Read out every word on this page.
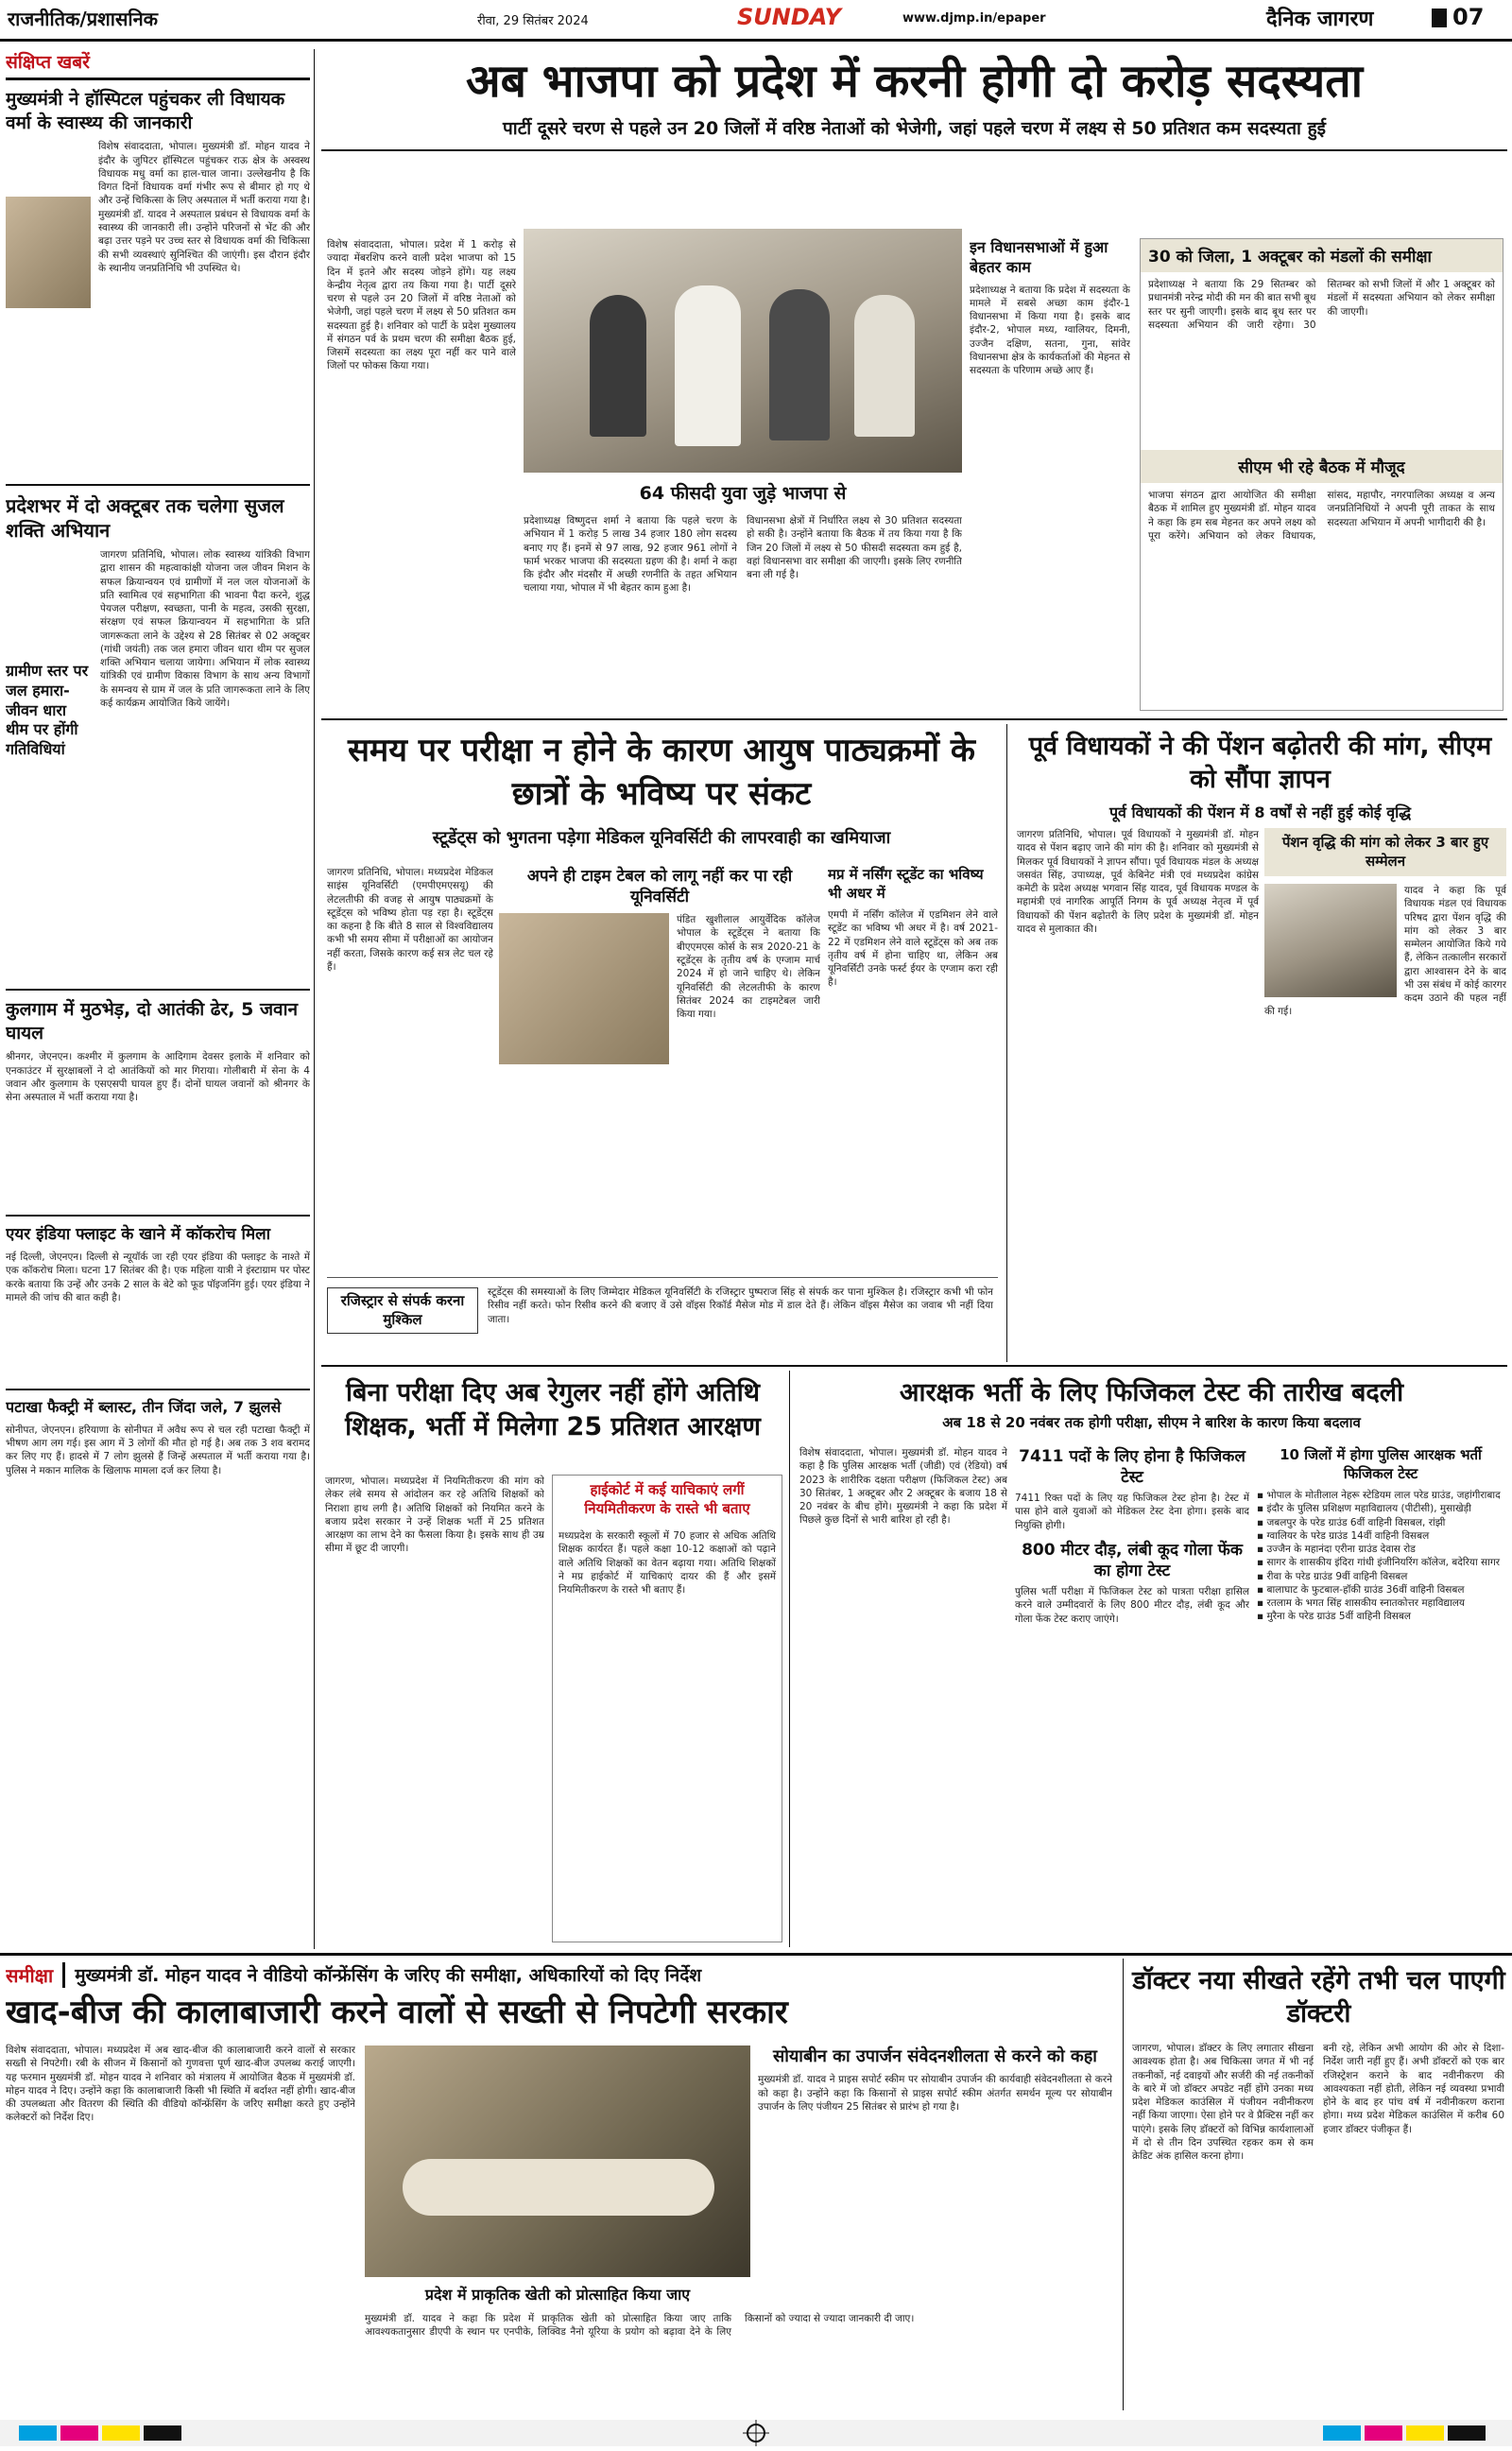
राजनीतिक/प्रशासनिक	रीवा, 29 सितंबर 2024	SUNDAY	www.djmp.in/epaper	दैनिक जागरण	07
संक्षिप्त खबरें
मुख्यमंत्री ने हॉस्पिटल पहुंचकर ली विधायक वर्मा के स्वास्थ्य की जानकारी
विशेष संवाददाता, भोपाल। मुख्यमंत्री डॉ. मोहन यादव ने इंदौर के जुपिटर हॉस्पिटल पहुंचकर राऊ क्षेत्र के अस्वस्थ विधायक मधु वर्मा का हाल-चाल जाना। उल्लेखनीय है कि विगत दिनों विधायक वर्मा गंभीर रूप से बीमार हो गए थे और उन्हें चिकित्सा के लिए अस्पताल में भर्ती कराया गया है। मुख्यमंत्री डॉ. यादव ने अस्पताल प्रबंधन से विधायक वर्मा के स्वास्थ्य की जानकारी ली। उन्होंने परिजनों से भेंट की और बढ़ा उत्तर पड़ने पर उच्च स्तर से विधायक वर्मा की चिकित्सा की सभी व्यवस्थाएं सुनिश्चित की जाएंगी। इस दौरान इंदौर के स्थानीय जनप्रतिनिधि भी उपस्थित थे।
प्रदेशभर में दो अक्टूबर तक चलेगा सुजल शक्ति अभियान
ग्रामीण स्तर पर जल हमारा-जीवन धारा थीम पर होंगी गतिविधियां
जागरण प्रतिनिधि, भोपाल। लोक स्वास्थ्य यांत्रिकी विभाग द्वारा शासन की महत्वाकांक्षी योजना जल जीवन मिशन के सफल क्रियान्वयन एवं ग्रामीणों में नल जल योजनाओं के प्रति स्वामित्व एवं सहभागिता की भावना पैदा करने, शुद्ध पेयजल परीक्षण, स्वच्छता, पानी के महत्व, उसकी सुरक्षा, संरक्षण एवं सफल क्रियान्वयन में सहभागिता के प्रति जागरूकता लाने के उद्देश्य से 28 सितंबर से 02 अक्टूबर (गांधी जयंती) तक जल हमारा जीवन धारा थीम पर सुजल शक्ति अभियान चलाया जायेगा। अभियान में लोक स्वास्थ्य यांत्रिकी एवं ग्रामीण विकास विभाग के साथ अन्य विभागों के समन्वय से ग्राम में जल के प्रति जागरूकता लाने के लिए कई कार्यक्रम आयोजित किये जायेंगे।
कुलगाम में मुठभेड़, दो आतंकी ढेर, 5 जवान घायल
श्रीनगर, जेएनएन। कश्मीर में कुलगाम के आदिगाम देवसर इलाके में शनिवार को एनकाउंटर में सुरक्षाबलों ने दो आतंकियों को मार गिराया। गोलीबारी में सेना के 4 जवान और कुलगाम के एसएसपी घायल हुए हैं। दोनों घायल जवानों को श्रीनगर के सेना अस्पताल में भर्ती कराया गया है।
एयर इंडिया फ्लाइट के खाने में कॉकरोच मिला
नई दिल्ली, जेएनएन। दिल्ली से न्यूयॉर्क जा रही एयर इंडिया की फ्लाइट के नाश्ते में एक कॉकरोच मिला। घटना 17 सितंबर की है। एक महिला यात्री ने इंस्टाग्राम पर पोस्ट करके बताया कि उन्हें और उनके 2 साल के बेटे को फूड पॉइजनिंग हुई। एयर इंडिया ने मामले की जांच की बात कही है।
पटाखा फैक्ट्री में ब्लास्ट, तीन जिंदा जले, 7 झुलसे
सोनीपत, जेएनएन। हरियाणा के सोनीपत में अवैध रूप से चल रही पटाखा फैक्ट्री में भीषण आग लग गई। इस आग में 3 लोगों की मौत हो गई है। अब तक 3 शव बरामद कर लिए गए हैं। हादसे में 7 लोग झुलसे हैं जिन्हें अस्पताल में भर्ती कराया गया है। पुलिस ने मकान मालिक के खिलाफ मामला दर्ज कर लिया है।
अब भाजपा को प्रदेश में करनी होगी दो करोड़ सदस्यता
पार्टी दूसरे चरण से पहले उन 20 जिलों में वरिष्ठ नेताओं को भेजेगी, जहां पहले चरण में लक्ष्य से 50 प्रतिशत कम सदस्यता हुई
विशेष संवाददाता, भोपाल। प्रदेश में 1 करोड़ से ज्यादा मेंबरशिप करने वाली प्रदेश भाजपा को 15 दिन में इतने और सदस्य जोड़ने होंगे। यह लक्ष्य केन्द्रीय नेतृत्व द्वारा तय किया गया है। पार्टी दूसरे चरण से पहले उन 20 जिलों में वरिष्ठ नेताओं को भेजेगी, जहां पहले चरण में लक्ष्य से 50 प्रतिशत कम सदस्यता हुई है। शनिवार को पार्टी के प्रदेश मुख्यालय में संगठन पर्व के प्रथम चरण की समीक्षा बैठक हुई, जिसमें सदस्यता का लक्ष्य पूरा नहीं कर पाने वाले जिलों पर फोकस किया गया।
64 फीसदी युवा जुड़े भाजपा से
प्रदेशाध्यक्ष विष्णुदत्त शर्मा ने बताया कि पहले चरण के अभियान में 1 करोड़ 5 लाख 34 हजार 180 लोग सदस्य बनाए गए हैं। इनमें से 97 लाख, 92 हजार 961 लोगों ने फार्म भरकर भाजपा की सदस्यता ग्रहण की है। शर्मा ने कहा कि इंदौर और मंदसौर में अच्छी रणनीति के तहत अभियान चलाया गया, भोपाल में भी बेहतर काम हुआ है।
विधानसभा क्षेत्रों में निर्धारित लक्ष्य से 30 प्रतिशत सदस्यता हो सकी है। उन्होंने बताया कि बैठक में तय किया गया है कि जिन 20 जिलों में लक्ष्य से 50 फीसदी सदस्यता कम हुई है, वहां विधानसभा वार समीक्षा की जाएगी। इसके लिए रणनीति बना ली गई है।
इन विधानसभाओं में हुआ बेहतर काम
प्रदेशाध्यक्ष ने बताया कि प्रदेश में सदस्यता के मामले में सबसे अच्छा काम इंदौर-1 विधानसभा में किया गया है। इसके बाद इंदौर-2, भोपाल मध्य, ग्वालियर, दिमनी, उज्जैन दक्षिण, सतना, गुना, सांवेर विधानसभा क्षेत्र के कार्यकर्ताओं की मेहनत से सदस्यता के परिणाम अच्छे आए हैं।
30 को जिला, 1 अक्टूबर को मंडलों की समीक्षा
प्रदेशाध्यक्ष ने बताया कि 29 सितम्बर को प्रधानमंत्री नरेन्द्र मोदी की मन की बात सभी बूथ स्तर पर सुनी जाएगी। इसके बाद बूथ स्तर पर सदस्यता अभियान की जारी रहेगा। 30 सितम्बर को सभी जिलों में और 1 अक्टूबर को मंडलों में सदस्यता अभियान को लेकर समीक्षा की जाएगी।
सीएम भी रहे बैठक में मौजूद
भाजपा संगठन द्वारा आयोजित की समीक्षा बैठक में शामिल हुए मुख्यमंत्री डॉ. मोहन यादव ने कहा कि हम सब मेहनत कर अपने लक्ष्य को पूरा करेंगे। अभियान को लेकर विधायक, सांसद, महापौर, नगरपालिका अध्यक्ष व अन्य जनप्रतिनिधियों ने अपनी पूरी ताकत के साथ सदस्यता अभियान में अपनी भागीदारी की है।
समय पर परीक्षा न होने के कारण आयुष पाठ्यक्रमों के छात्रों के भविष्य पर संकट
स्टूडेंट्स को भुगतना पड़ेगा मेडिकल यूनिवर्सिटी की लापरवाही का खमियाजा
जागरण प्रतिनिधि, भोपाल। मध्यप्रदेश मेडिकल साइंस यूनिवर्सिटी (एमपीएमएसयू) की लेटलतीफी की वजह से आयुष पाठ्यक्रमों के स्टूडेंट्स को भविष्य होता पड़ रहा है। स्टूडेंट्स का कहना है कि बीते 8 साल से विश्वविद्यालय कभी भी समय सीमा में परीक्षाओं का आयोजन नहीं करता, जिसके कारण कई सत्र लेट चल रहे हैं।
अपने ही टाइम टेबल को लागू नहीं कर पा रही यूनिवर्सिटी
पंडित खुशीलाल आयुर्वेदिक कॉलेज भोपाल के स्टूडेंट्स ने बताया कि बीएएमएस कोर्स के सत्र 2020-21 के स्टूडेंट्स के तृतीय वर्ष के एग्जाम मार्च 2024 में हो जाने चाहिए थे। लेकिन यूनिवर्सिटी की लेटलतीफी के कारण सितंबर 2024 का टाइमटेबल जारी किया गया।
मप्र में नर्सिंग स्टूडेंट का भविष्य भी अधर में
एमपी में नर्सिंग कॉलेज में एडमिशन लेने वाले स्टूडेंट का भविष्य भी अधर में है। वर्ष 2021-22 में एडमिशन लेने वाले स्टूडेंट्स को अब तक तृतीय वर्ष में होना चाहिए था, लेकिन अब यूनिवर्सिटी उनके फर्स्ट ईयर के एग्जाम करा रही है।
रजिस्ट्रार से संपर्क करना मुश्किल
स्टूडेंट्स की समस्याओं के लिए जिम्मेदार मेडिकल यूनिवर्सिटी के रजिस्ट्रार पुष्पराज सिंह से संपर्क कर पाना मुश्किल है। रजिस्ट्रार कभी भी फोन रिसीव नहीं करते। फोन रिसीव करने की बजाए वें उसे वॉइस रिकॉर्ड मैसेज मोड में डाल देते हैं। लेकिन वॉइस मैसेज का जवाब भी नहीं दिया जाता।
पूर्व विधायकों ने की पेंशन बढ़ोतरी की मांग, सीएम को सौंपा ज्ञापन
पूर्व विधायकों की पेंशन में 8 वर्षों से नहीं हुई कोई वृद्धि
जागरण प्रतिनिधि, भोपाल। पूर्व विधायकों ने मुख्यमंत्री डॉ. मोहन यादव से पेंशन बढ़ाए जाने की मांग की है। शनिवार को मुख्यमंत्री से मिलकर पूर्व विधायकों ने ज्ञापन सौंपा। पूर्व विधायक मंडल के अध्यक्ष जसवंत सिंह, उपाध्यक्ष, पूर्व केबिनेट मंत्री एवं मध्यप्रदेश कांग्रेस कमेटी के प्रदेश अध्यक्ष भगवान सिंह यादव, पूर्व विधायक मण्डल के महामंत्री एवं नागरिक आपूर्ति निगम के पूर्व अध्यक्ष नेतृत्व में पूर्व विधायकों की पेंशन बढ़ोतरी के लिए प्रदेश के मुख्यमंत्री डॉ. मोहन यादव से मुलाकात की।
पेंशन वृद्धि की मांग को लेकर 3 बार हुए सम्मेलन
यादव ने कहा कि पूर्व विधायक मंडल एवं विधायक परिषद द्वारा पेंशन वृद्धि की मांग को लेकर 3 बार सम्मेलन आयोजित किये गये हैं, लेकिन तत्कालीन सरकारों द्वारा आश्वासन देने के बाद भी उस संबंध में कोई कारगर कदम उठाने की पहल नहीं की गई।
बिना परीक्षा दिए अब रेगुलर नहीं होंगे अतिथि शिक्षक, भर्ती में मिलेगा 25 प्रतिशत आरक्षण
जागरण, भोपाल। मध्यप्रदेश में नियमितीकरण की मांग को लेकर लंबे समय से आंदोलन कर रहे अतिथि शिक्षकों को निराशा हाथ लगी है। अतिथि शिक्षकों को नियमित करने के बजाय प्रदेश सरकार ने उन्हें शिक्षक भर्ती में 25 प्रतिशत आरक्षण का लाभ देने का फैसला किया है। इसके साथ ही उम्र सीमा में छूट दी जाएगी।
हाईकोर्ट में कई याचिकाएं लगीं नियमितीकरण के रास्ते भी बताए
मध्यप्रदेश के सरकारी स्कूलों में 70 हजार से अधिक अतिथि शिक्षक कार्यरत हैं। पहले कक्षा 10-12 कक्षाओं को पढ़ाने वाले अतिथि शिक्षकों का वेतन बढ़ाया गया। अतिथि शिक्षकों ने मप्र हाईकोर्ट में याचिकाएं दायर की हैं और इसमें नियमितीकरण के रास्ते भी बताए हैं।
आरक्षक भर्ती के लिए फिजिकल टेस्ट की तारीख बदली
अब 18 से 20 नवंबर तक होगी परीक्षा, सीएम ने बारिश के कारण किया बदलाव
विशेष संवाददाता, भोपाल। मुख्यमंत्री डॉ. मोहन यादव ने कहा है कि पुलिस आरक्षक भर्ती (जीडी) एवं (रेडियो) वर्ष 2023 के शारीरिक दक्षता परीक्षण (फिजिकल टेस्ट) अब 30 सितंबर, 1 अक्टूबर और 2 अक्टूबर के बजाय 18 से 20 नवंबर के बीच होंगे। मुख्यमंत्री ने कहा कि प्रदेश में पिछले कुछ दिनों से भारी बारिश हो रही है।
7411 पदों के लिए होना है फिजिकल टेस्ट
7411 रिक्त पदों के लिए यह फिजिकल टेस्ट होना है। टेस्ट में पास होने वाले युवाओं को मेडिकल टेस्ट देना होगा। इसके बाद नियुक्ति होगी।
800 मीटर दौड़, लंबी कूद गोला फेंक का होगा टेस्ट
पुलिस भर्ती परीक्षा में फिजिकल टेस्ट को पात्रता परीक्षा हासिल करने वाले उम्मीदवारों के लिए 800 मीटर दौड़, लंबी कूद और गोला फेंक टेस्ट कराए जाएंगे।
10 जिलों में होगा पुलिस आरक्षक भर्ती फिजिकल टेस्ट
▪ भोपाल के मोतीलाल नेहरू स्टेडियम लाल परेड ग्राउंड, जहांगीराबाद
▪ इंदौर के पुलिस प्रशिक्षण महाविद्यालय (पीटीसी), मुसाखेड़ी
▪ जबलपुर के परेड ग्राउंड 6वीं वाहिनी विसबल, रांझी
▪ ग्वालियर के परेड ग्राउंड 14वीं वाहिनी विसबल
▪ उज्जैन के महानंदा एरीना ग्राउंड देवास रोड
▪ सागर के शासकीय इंदिरा गांधी इंजीनियरिंग कॉलेज, बदेरिया सागर
▪ रीवा के परेड ग्राउंड 9वीं वाहिनी विसबल
▪ बालाघाट के फुटबाल-हॉकी ग्राउंड 36वीं वाहिनी विसबल
▪ रतलाम के भगत सिंह शासकीय स्नातकोत्तर महाविद्यालय
▪ मुरैना के परेड ग्राउंड 5वीं वाहिनी विसबल
समीक्षा	मुख्यमंत्री डॉ. मोहन यादव ने वीडियो कॉन्फ्रेंसिंग के जरिए की समीक्षा, अधिकारियों को दिए निर्देश
खाद-बीज की कालाबाजारी करने वालों से सख्ती से निपटेगी सरकार
विशेष संवाददाता, भोपाल। मध्यप्रदेश में अब खाद-बीज की कालाबाजारी करने वालों से सरकार सख्ती से निपटेगी। रबी के सीजन में किसानों को गुणवत्ता पूर्ण खाद-बीज उपलब्ध कराई जाएगी। यह फरमान मुख्यमंत्री डॉ. मोहन यादव ने शनिवार को मंत्रालय में आयोजित बैठक में मुख्यमंत्री डॉ. मोहन यादव ने दिए। उन्होंने कहा कि कालाबाजारी किसी भी स्थिति में बर्दाश्त नहीं होगी। खाद-बीज की उपलब्धता और वितरण की स्थिति की वीडियो कॉन्फ्रेंसिंग के जरिए समीक्षा करते हुए उन्होंने कलेक्टरों को निर्देश दिए।
प्रदेश में प्राकृतिक खेती को प्रोत्साहित किया जाए
मुख्यमंत्री डॉ. यादव ने कहा कि प्रदेश में प्राकृतिक खेती को प्रोत्साहित किया जाए ताकि आवश्यकतानुसार डीएपी के स्थान पर एनपीके, लिक्विड नैनो यूरिया के प्रयोग को बढ़ावा देने के लिए किसानों को ज्यादा से ज्यादा जानकारी दी जाए।
सोयाबीन का उपार्जन संवेदनशीलता से करने को कहा
मुख्यमंत्री डॉ. यादव ने प्राइस सपोर्ट स्कीम पर सोयाबीन उपार्जन की कार्यवाही संवेदनशीलता से करने को कहा है। उन्होंने कहा कि किसानों से प्राइस सपोर्ट स्कीम अंतर्गत समर्थन मूल्य पर सोयाबीन उपार्जन के लिए पंजीयन 25 सितंबर से प्रारंभ हो गया है।
डॉक्टर नया सीखते रहेंगे तभी चल पाएगी डॉक्टरी
जागरण, भोपाल। डॉक्टर के लिए लगातार सीखना आवश्यक होता है। अब चिकित्सा जगत में भी नई तकनीकों, नई दवाइयों और सर्जरी की नई तकनीकों के बारे में जो डॉक्टर अपडेट नहीं होंगे उनका मध्य प्रदेश मेडिकल काउंसिल में पंजीयन नवीनीकरण नहीं किया जाएगा। ऐसा होने पर वे प्रैक्टिस नहीं कर पाएंगे। इसके लिए डॉक्टरों को विभिन्न कार्यशालाओं में दो से तीन दिन उपस्थित रहकर कम से कम क्रेडिट अंक हासिल करना होगा।
बनी रहे, लेकिन अभी आयोग की ओर से दिशा-निर्देश जारी नहीं हुए हैं। अभी डॉक्टरों को एक बार रजिस्ट्रेशन कराने के बाद नवीनीकरण की आवश्यकता नहीं होती, लेकिन नई व्यवस्था प्रभावी होने के बाद हर पांच वर्ष में नवीनीकरण कराना होगा। मध्य प्रदेश मेडिकल काउंसिल में करीब 60 हजार डॉक्टर पंजीकृत हैं।
